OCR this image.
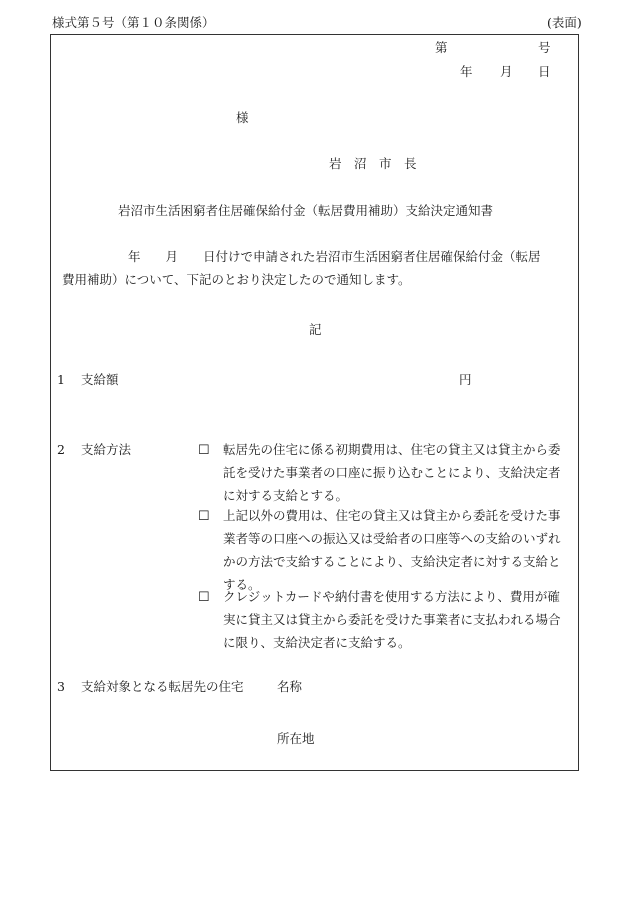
様式第５号（第１０条関係）	(表面)
第	号
年 月 日
様
岩　沼　市　長
岩沼市生活困窮者住居確保給付金（転居費用補助）支給決定通知書
年　　月　　日付けで申請された岩沼市生活困窮者住居確保給付金（転居
費用補助）について、下記のとおり決定したので通知します。
記
1 支給額	円
2 支給方法	☐ 転居先の住宅に係る初期費用は、住宅の貸主又は貸主から委
託を受けた事業者の口座に振り込むことにより、支給決定者
に対する支給とする。
☐ 上記以外の費用は、住宅の貸主又は貸主から委託を受けた事
業者等の口座への振込又は受給者の口座等への支給のいずれ
かの方法で支給することにより、支給決定者に対する支給と
する。
☐ クレジットカードや納付書を使用する方法により、費用が確
実に貸主又は貸主から委託を受けた事業者に支払われる場合
に限り、支給決定者に支給する。
3 支給対象となる転居先の住宅	名称
所在地
